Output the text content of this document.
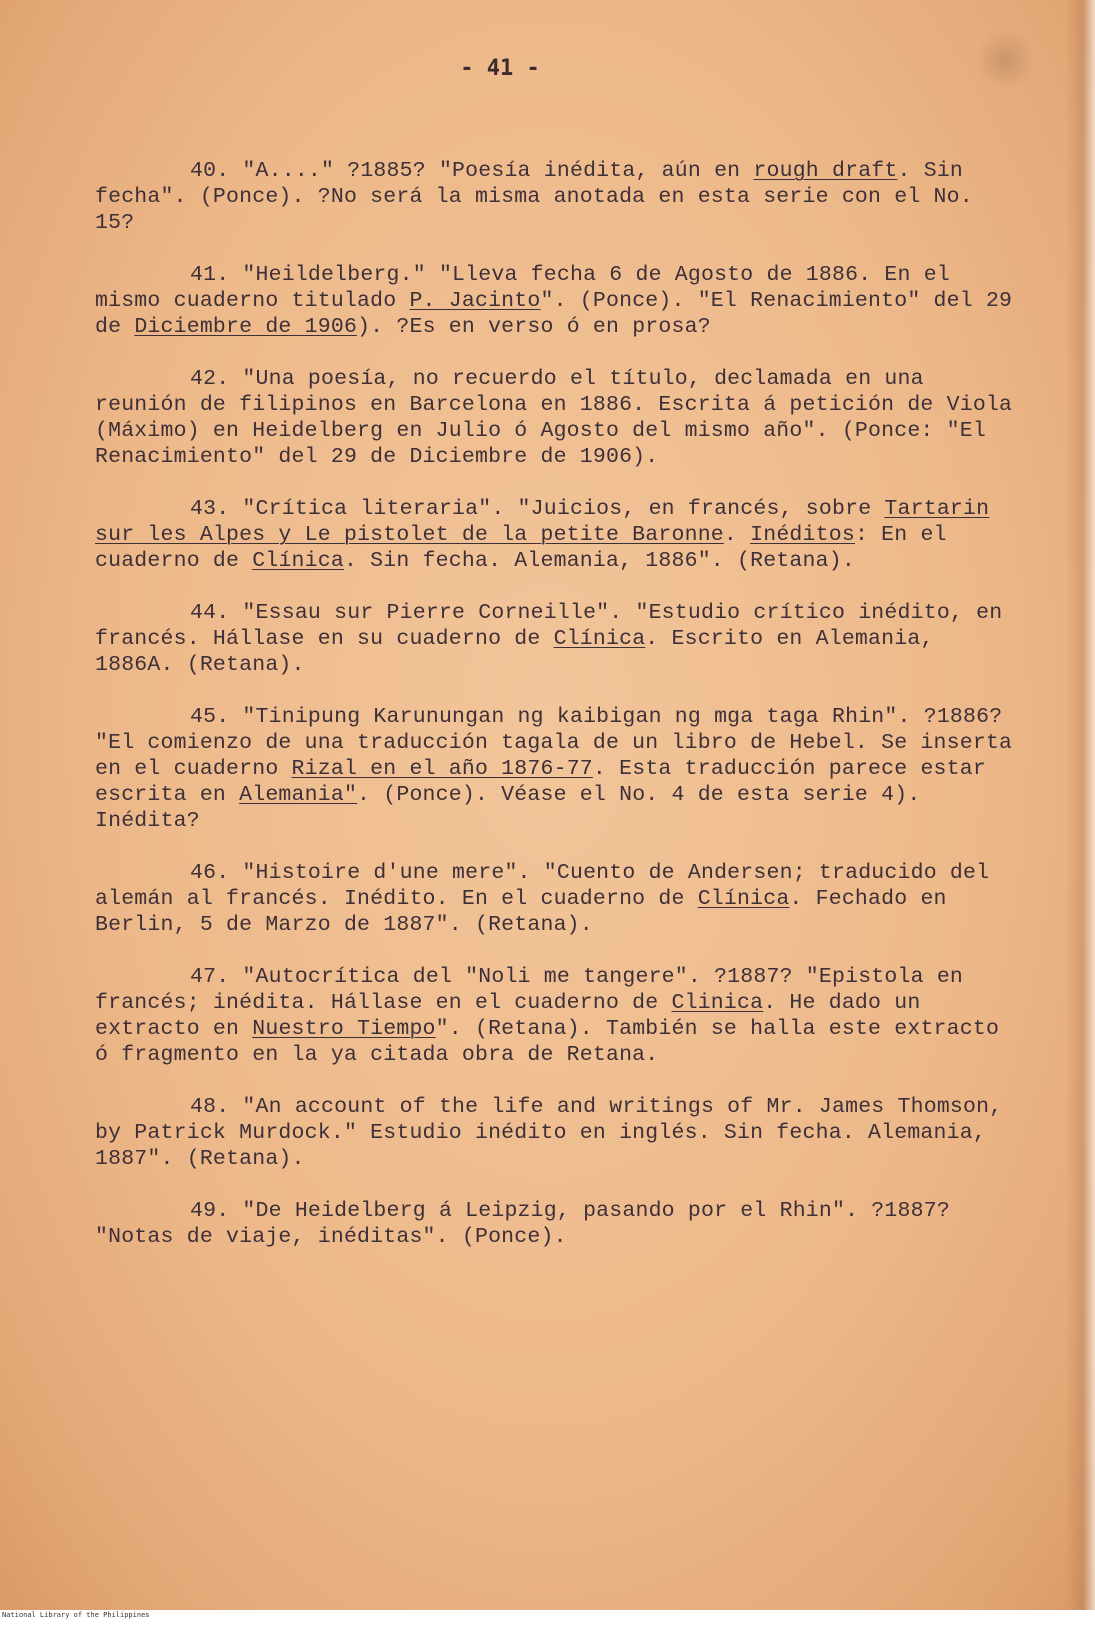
- 41 -

40. "A...." ?1885? "Poesía inédita, aún en rough draft. Sin fecha". (Ponce). ?No será la misma anotada en esta serie con el No. 15?

41. "Heildelberg." "Lleva fecha 6 de Agosto de 1886. En el mismo cuaderno titulado P. Jacinto". (Ponce). "El Renacimiento" del 29 de Diciembre de 1906). ?Es en verso ó en prosa?

42. "Una poesía, no recuerdo el título, declamada en una reunión de filipinos en Barcelona en 1886. Escrita á petición de Viola (Máximo) en Heidelberg en Julio ó Agosto del mismo año". (Ponce: "El Renacimiento" del 29 de Diciembre de 1906).

43. "Crítica literaria". "Juicios, en francés, sobre Tartarin sur les Alpes y Le pistolet de la petite Baronne. Inéditos: En el cuaderno de Clínica. Sin fecha. Alemania, 1886". (Retana).

44. "Essau sur Pierre Corneille". "Estudio crítico inédito, en francés. Hállase en su cuaderno de Clínica. Escrito en Alemania, 1886A. (Retana).

45. "Tinipung Karunungan ng kaibigan ng mga taga Rhin". ?1886? "El comienzo de una traducción tagala de un libro de Hebel. Se inserta en el cuaderno Rizal en el año 1876-77. Esta traducción parece estar escrita en Alemania". (Ponce). Véase el No. 4 de esta serie 4). Inédita?

46. "Histoire d'une mere". "Cuento de Andersen; traducido del alemán al francés. Inédito. En el cuaderno de Clínica. Fechado en Berlin, 5 de Marzo de 1887". (Retana).

47. "Autocrítica del "Noli me tangere". ?1887? "Epistola en francés; inédita. Hállase en el cuaderno de Clinica. He dado un extracto en Nuestro Tiempo". (Retana). También se halla este extracto ó fragmento en la ya citada obra de Retana.

48. "An account of the life and writings of Mr. James Thomson, by Patrick Murdock." Estudio inédito en inglés. Sin fecha. Alemania, 1887". (Retana).

49. "De Heidelberg á Leipzig, pasando por el Rhin". ?1887? "Notas de viaje, inéditas". (Ponce).

National Library of the Philippines
